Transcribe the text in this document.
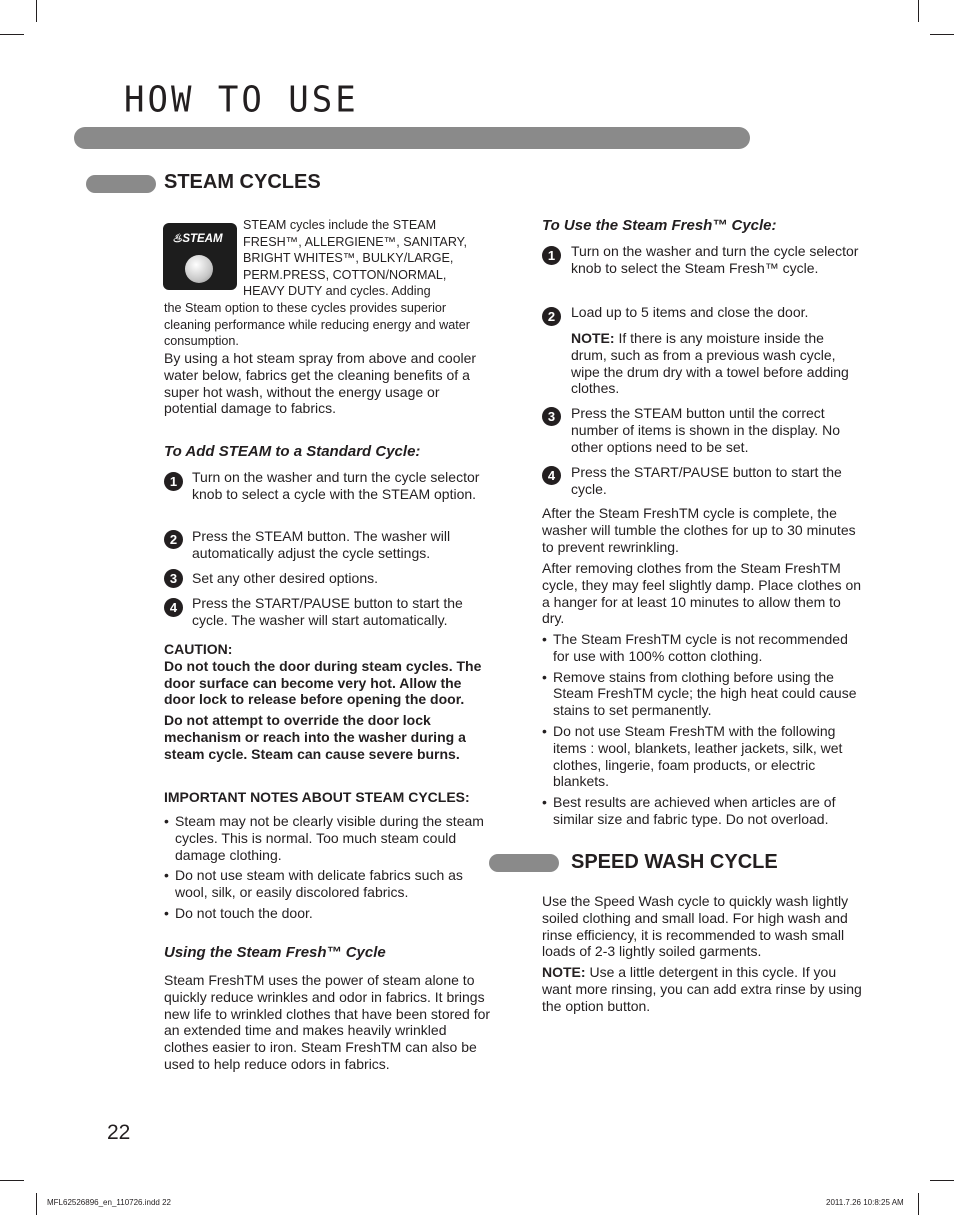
HOW TO USE
STEAM CYCLES
♨STEAM
STEAM cycles include the STEAM
FRESH™, ALLERGIENE™, SANITARY,
BRIGHT WHITES™, BULKY/LARGE,
PERM.PRESS, COTTON/NORMAL,
HEAVY DUTY and cycles. Adding
the Steam option to these cycles provides superior cleaning performance while reducing energy and water consumption.
By using a hot steam spray from above and cooler water below, fabrics get the cleaning benefits of a super hot wash, without the energy usage or potential damage to fabrics.
To Add STEAM to a Standard Cycle:
1	Turn on the washer and turn the cycle selector knob to select a cycle with the STEAM option.
2	Press the STEAM button. The washer will automatically adjust the cycle settings.
3	Set any other desired options.
4	Press the START/PAUSE button to start the cycle. The washer will start automatically.
CAUTION:
Do not touch the door during steam cycles. The door surface can become very hot. Allow the door lock to release before opening the door.
Do not attempt to override the door lock mechanism or reach into the washer during a steam cycle. Steam can cause severe burns.
IMPORTANT NOTES ABOUT STEAM CYCLES:
• Steam may not be clearly visible during the steam cycles. This is normal. Too much steam could damage clothing.
• Do not use steam with delicate fabrics such as wool, silk, or easily discolored fabrics.
• Do not touch the door.
Using the Steam Fresh™ Cycle
Steam FreshTM uses the power of steam alone to quickly reduce wrinkles and odor in fabrics. It brings new life to wrinkled clothes that have been stored for an extended time and makes heavily wrinkled clothes easier to iron. Steam FreshTM can also be used to help reduce odors in fabrics.
To Use the Steam Fresh™ Cycle:
1	Turn on the washer and turn the cycle selector knob to select the Steam Fresh™ cycle.
2	Load up to 5 items and close the door.
NOTE: If there is any moisture inside the drum, such as from a previous wash cycle, wipe the drum dry with a towel before adding clothes.
3	Press the STEAM button until the correct number of items is shown in the display. No other options need to be set.
4	Press the START/PAUSE button to start the cycle.
After the Steam FreshTM cycle is complete, the washer will tumble the clothes for up to 30 minutes to prevent rewrinkling.
After removing clothes from the Steam FreshTM cycle, they may feel slightly damp. Place clothes on a hanger for at least 10 minutes to allow them to dry.
• The Steam FreshTM cycle is not recommended for use with 100% cotton clothing.
• Remove stains from clothing before using the Steam FreshTM cycle; the high heat could cause stains to set permanently.
• Do not use Steam FreshTM with the following items : wool, blankets, leather jackets, silk, wet clothes, lingerie, foam products, or electric blankets.
• Best results are achieved when articles are of similar size and fabric type. Do not overload.
SPEED WASH CYCLE
Use the Speed Wash cycle to quickly wash lightly soiled clothing and small load. For high wash and rinse efficiency, it is recommended to wash small loads of 2-3 lightly soiled garments.
NOTE: Use a little detergent in this cycle. If you want more rinsing, you can add extra rinse by using the option button.
22
MFL62526896_en_110726.indd 22	2011.7.26 10:8:25 AM
